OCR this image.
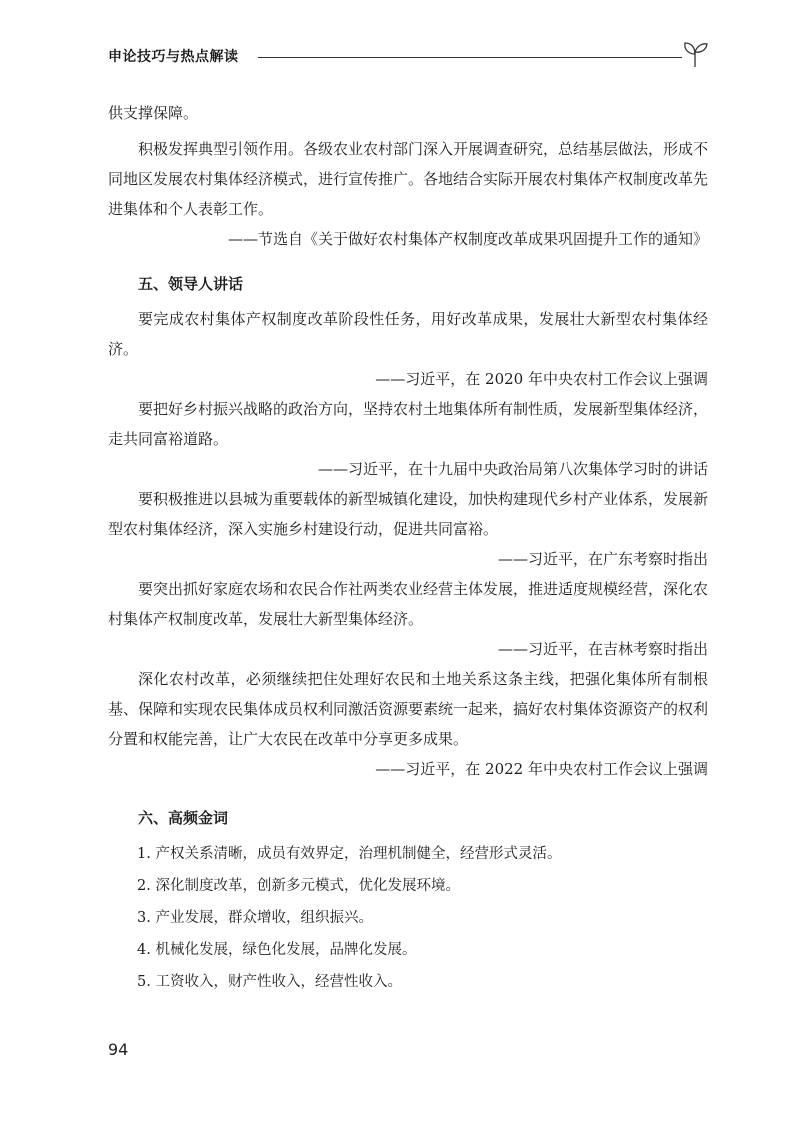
申论技巧与热点解读

供支撑保障。

积极发挥典型引领作用。各级农业农村部门深入开展调查研究，总结基层做法，形成不同地区发展农村集体经济模式，进行宣传推广。各地结合实际开展农村集体产权制度改革先进集体和个人表彰工作。

——节选自《关于做好农村集体产权制度改革成果巩固提升工作的通知》

五、领导人讲话

要完成农村集体产权制度改革阶段性任务，用好改革成果，发展壮大新型农村集体经济。

——习近平，在 2020 年中央农村工作会议上强调

要把好乡村振兴战略的政治方向，坚持农村土地集体所有制性质，发展新型集体经济，走共同富裕道路。

——习近平，在十九届中央政治局第八次集体学习时的讲话

要积极推进以县城为重要载体的新型城镇化建设，加快构建现代乡村产业体系，发展新型农村集体经济，深入实施乡村建设行动，促进共同富裕。

——习近平，在广东考察时指出

要突出抓好家庭农场和农民合作社两类农业经营主体发展，推进适度规模经营，深化农村集体产权制度改革，发展壮大新型集体经济。

——习近平，在吉林考察时指出

深化农村改革，必须继续把住处理好农民和土地关系这条主线，把强化集体所有制根基、保障和实现农民集体成员权利同激活资源要素统一起来，搞好农村集体资源资产的权利分置和权能完善，让广大农民在改革中分享更多成果。

——习近平，在 2022 年中央农村工作会议上强调

六、高频金词

1. 产权关系清晰，成员有效界定，治理机制健全，经营形式灵活。

2. 深化制度改革，创新多元模式，优化发展环境。

3. 产业发展，群众增收，组织振兴。

4. 机械化发展，绿色化发展，品牌化发展。

5. 工资收入，财产性收入，经营性收入。

94
